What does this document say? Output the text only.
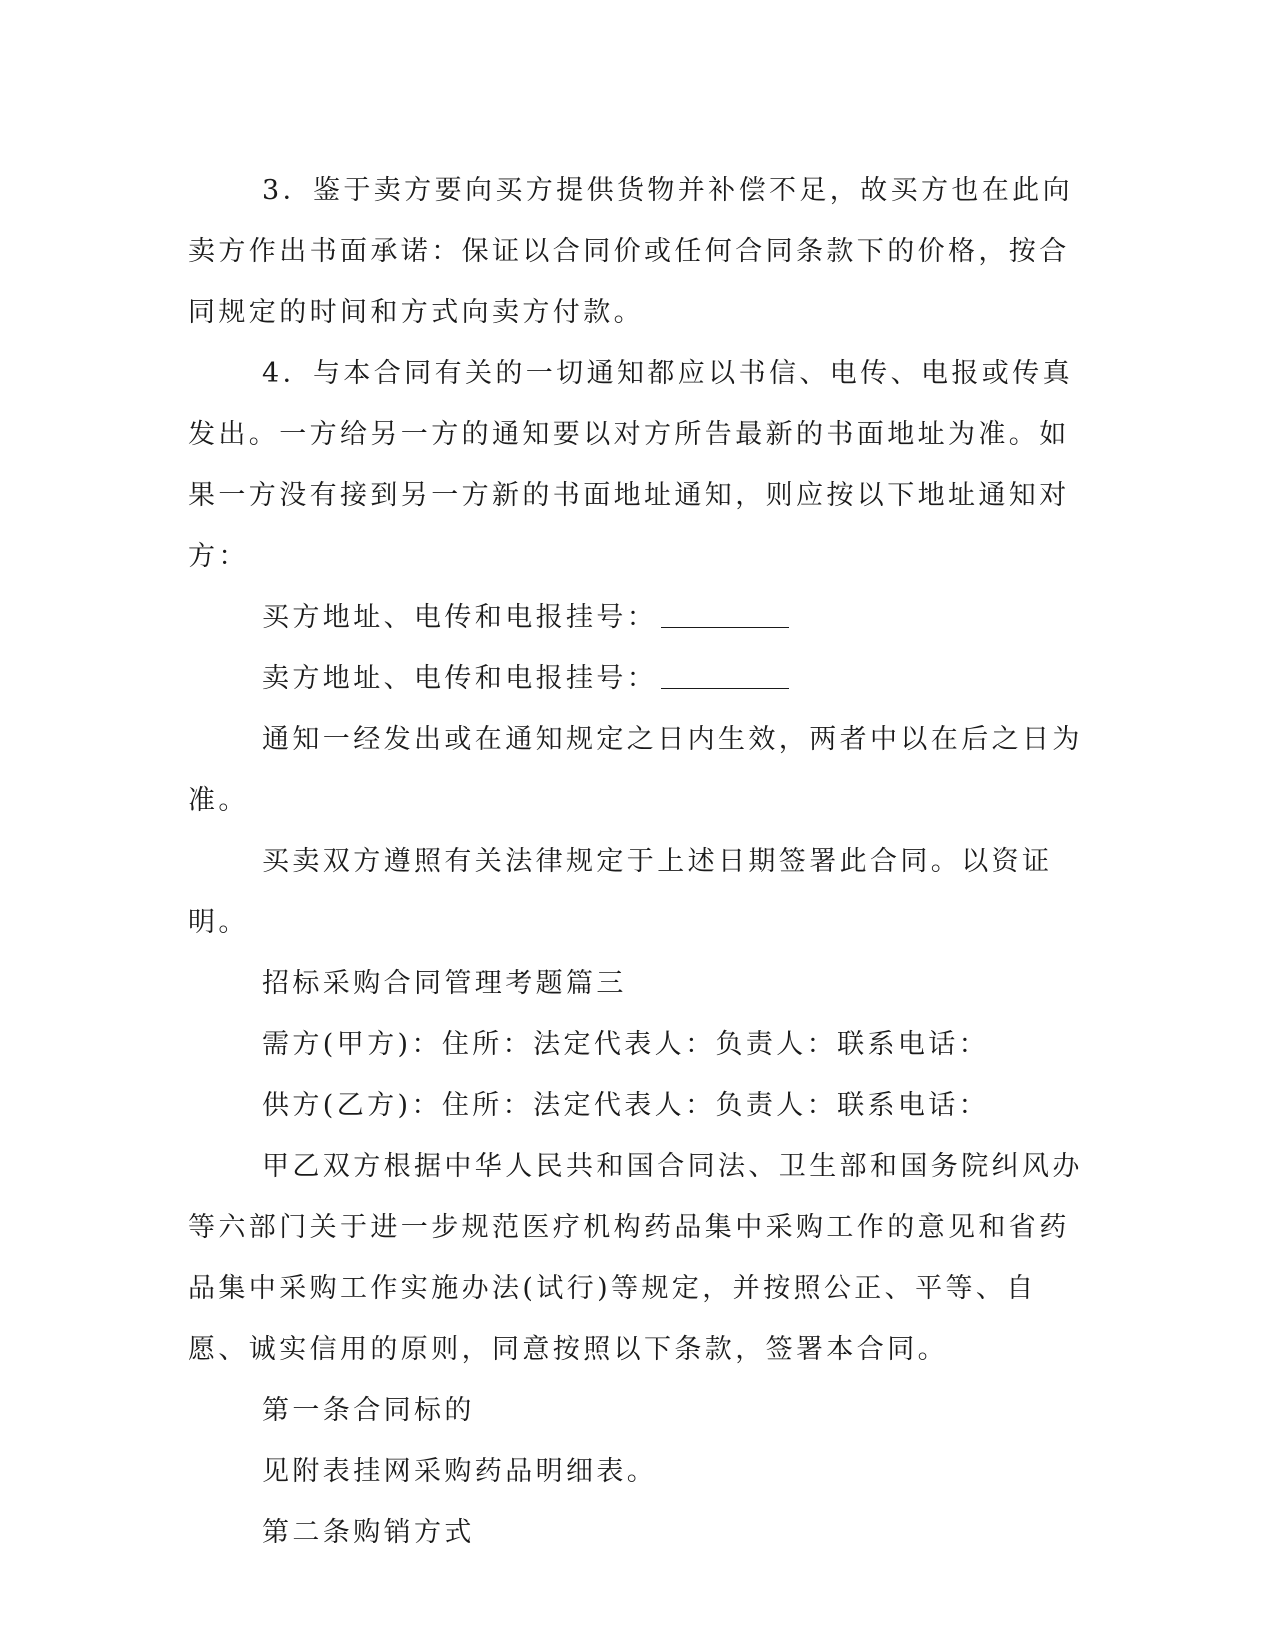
3．鉴于卖方要向买方提供货物并补偿不足，故买方也在此向卖方作出书面承诺：保证以合同价或任何合同条款下的价格，按合同规定的时间和方式向卖方付款。

4．与本合同有关的一切通知都应以书信、电传、电报或传真发出。一方给另一方的通知要以对方所告最新的书面地址为准。如果一方没有接到另一方新的书面地址通知，则应按以下地址通知对方：

买方地址、电传和电报挂号：

卖方地址、电传和电报挂号：

通知一经发出或在通知规定之日内生效，两者中以在后之日为准。

买卖双方遵照有关法律规定于上述日期签署此合同。以资证明。

招标采购合同管理考题篇三

需方(甲方)：住所：法定代表人：负责人：联系电话：

供方(乙方)：住所：法定代表人：负责人：联系电话：

甲乙双方根据中华人民共和国合同法、卫生部和国务院纠风办等六部门关于进一步规范医疗机构药品集中采购工作的意见和省药品集中采购工作实施办法(试行)等规定，并按照公正、平等、自愿、诚实信用的原则，同意按照以下条款，签署本合同。

第一条合同标的

见附表挂网采购药品明细表。

第二条购销方式
